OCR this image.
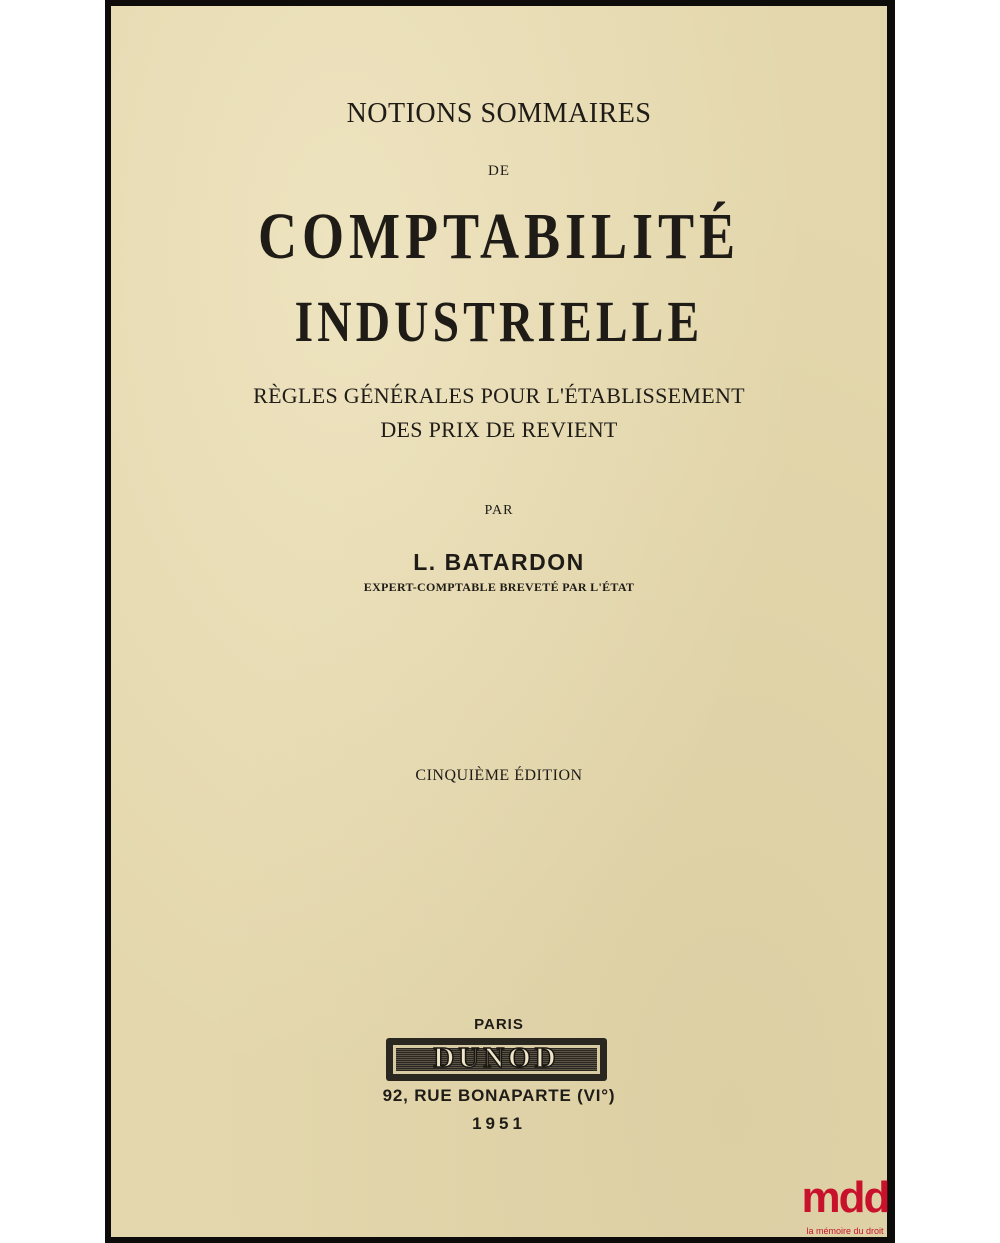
NOTIONS SOMMAIRES
DE
COMPTABILITÉ
INDUSTRIELLE
RÈGLES GÉNÉRALES POUR L'ÉTABLISSEMENT
DES PRIX DE REVIENT
PAR
L. BATARDON
EXPERT-COMPTABLE BREVETÉ PAR L'ÉTAT
CINQUIÈME ÉDITION
PARIS
DUNOD
92, RUE BONAPARTE (VI°)
1951
mdd
la mémoire du droit
